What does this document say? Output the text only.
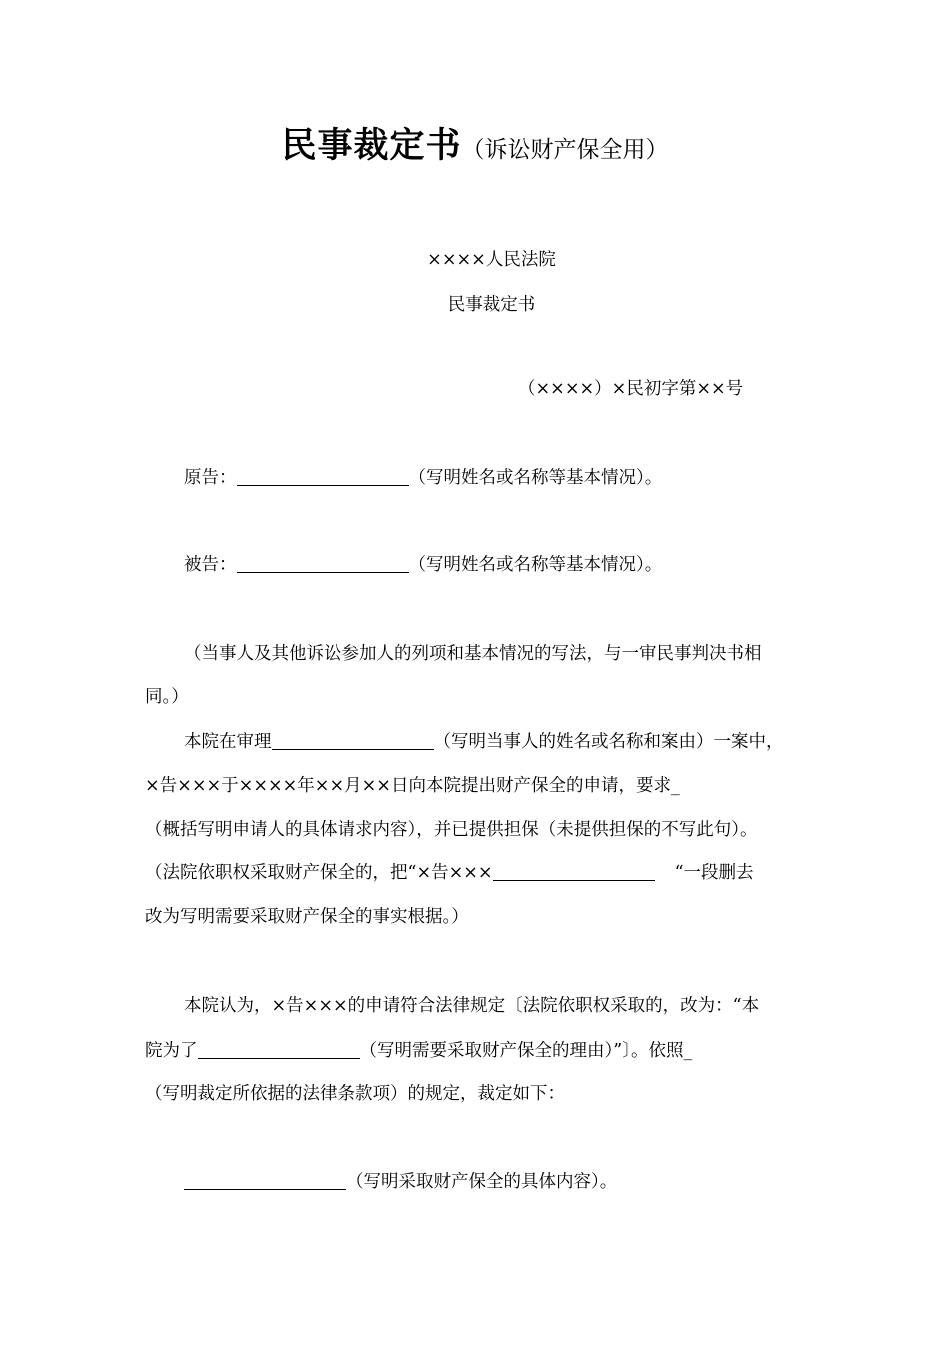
民事裁定书（诉讼财产保全用）
××××人民法院
民事裁定书
（××××）×民初字第××号
原告：	（写明姓名或名称等基本情况）。
被告：	（写明姓名或名称等基本情况）。
（当事人及其他诉讼参加人的列项和基本情况的写法，与一审民事判决书相
同。）
本院在审理	（写明当事人的姓名或名称和案由）一案中，
×告×××于××××年××月××日向本院提出财产保全的申请，要求_
（概括写明申请人的具体请求内容），并已提供担保（未提供担保的不写此句）。
（法院依职权采取财产保全的，把“×告×××	“一段删去
改为写明需要采取财产保全的事实根据。）
本院认为，×告×××的申请符合法律规定〔法院依职权采取的，改为：“本
院为了	（写明需要采取财产保全的理由）”〕。依照_
（写明裁定所依据的法律条款项）的规定，裁定如下：
（写明采取财产保全的具体内容）。
